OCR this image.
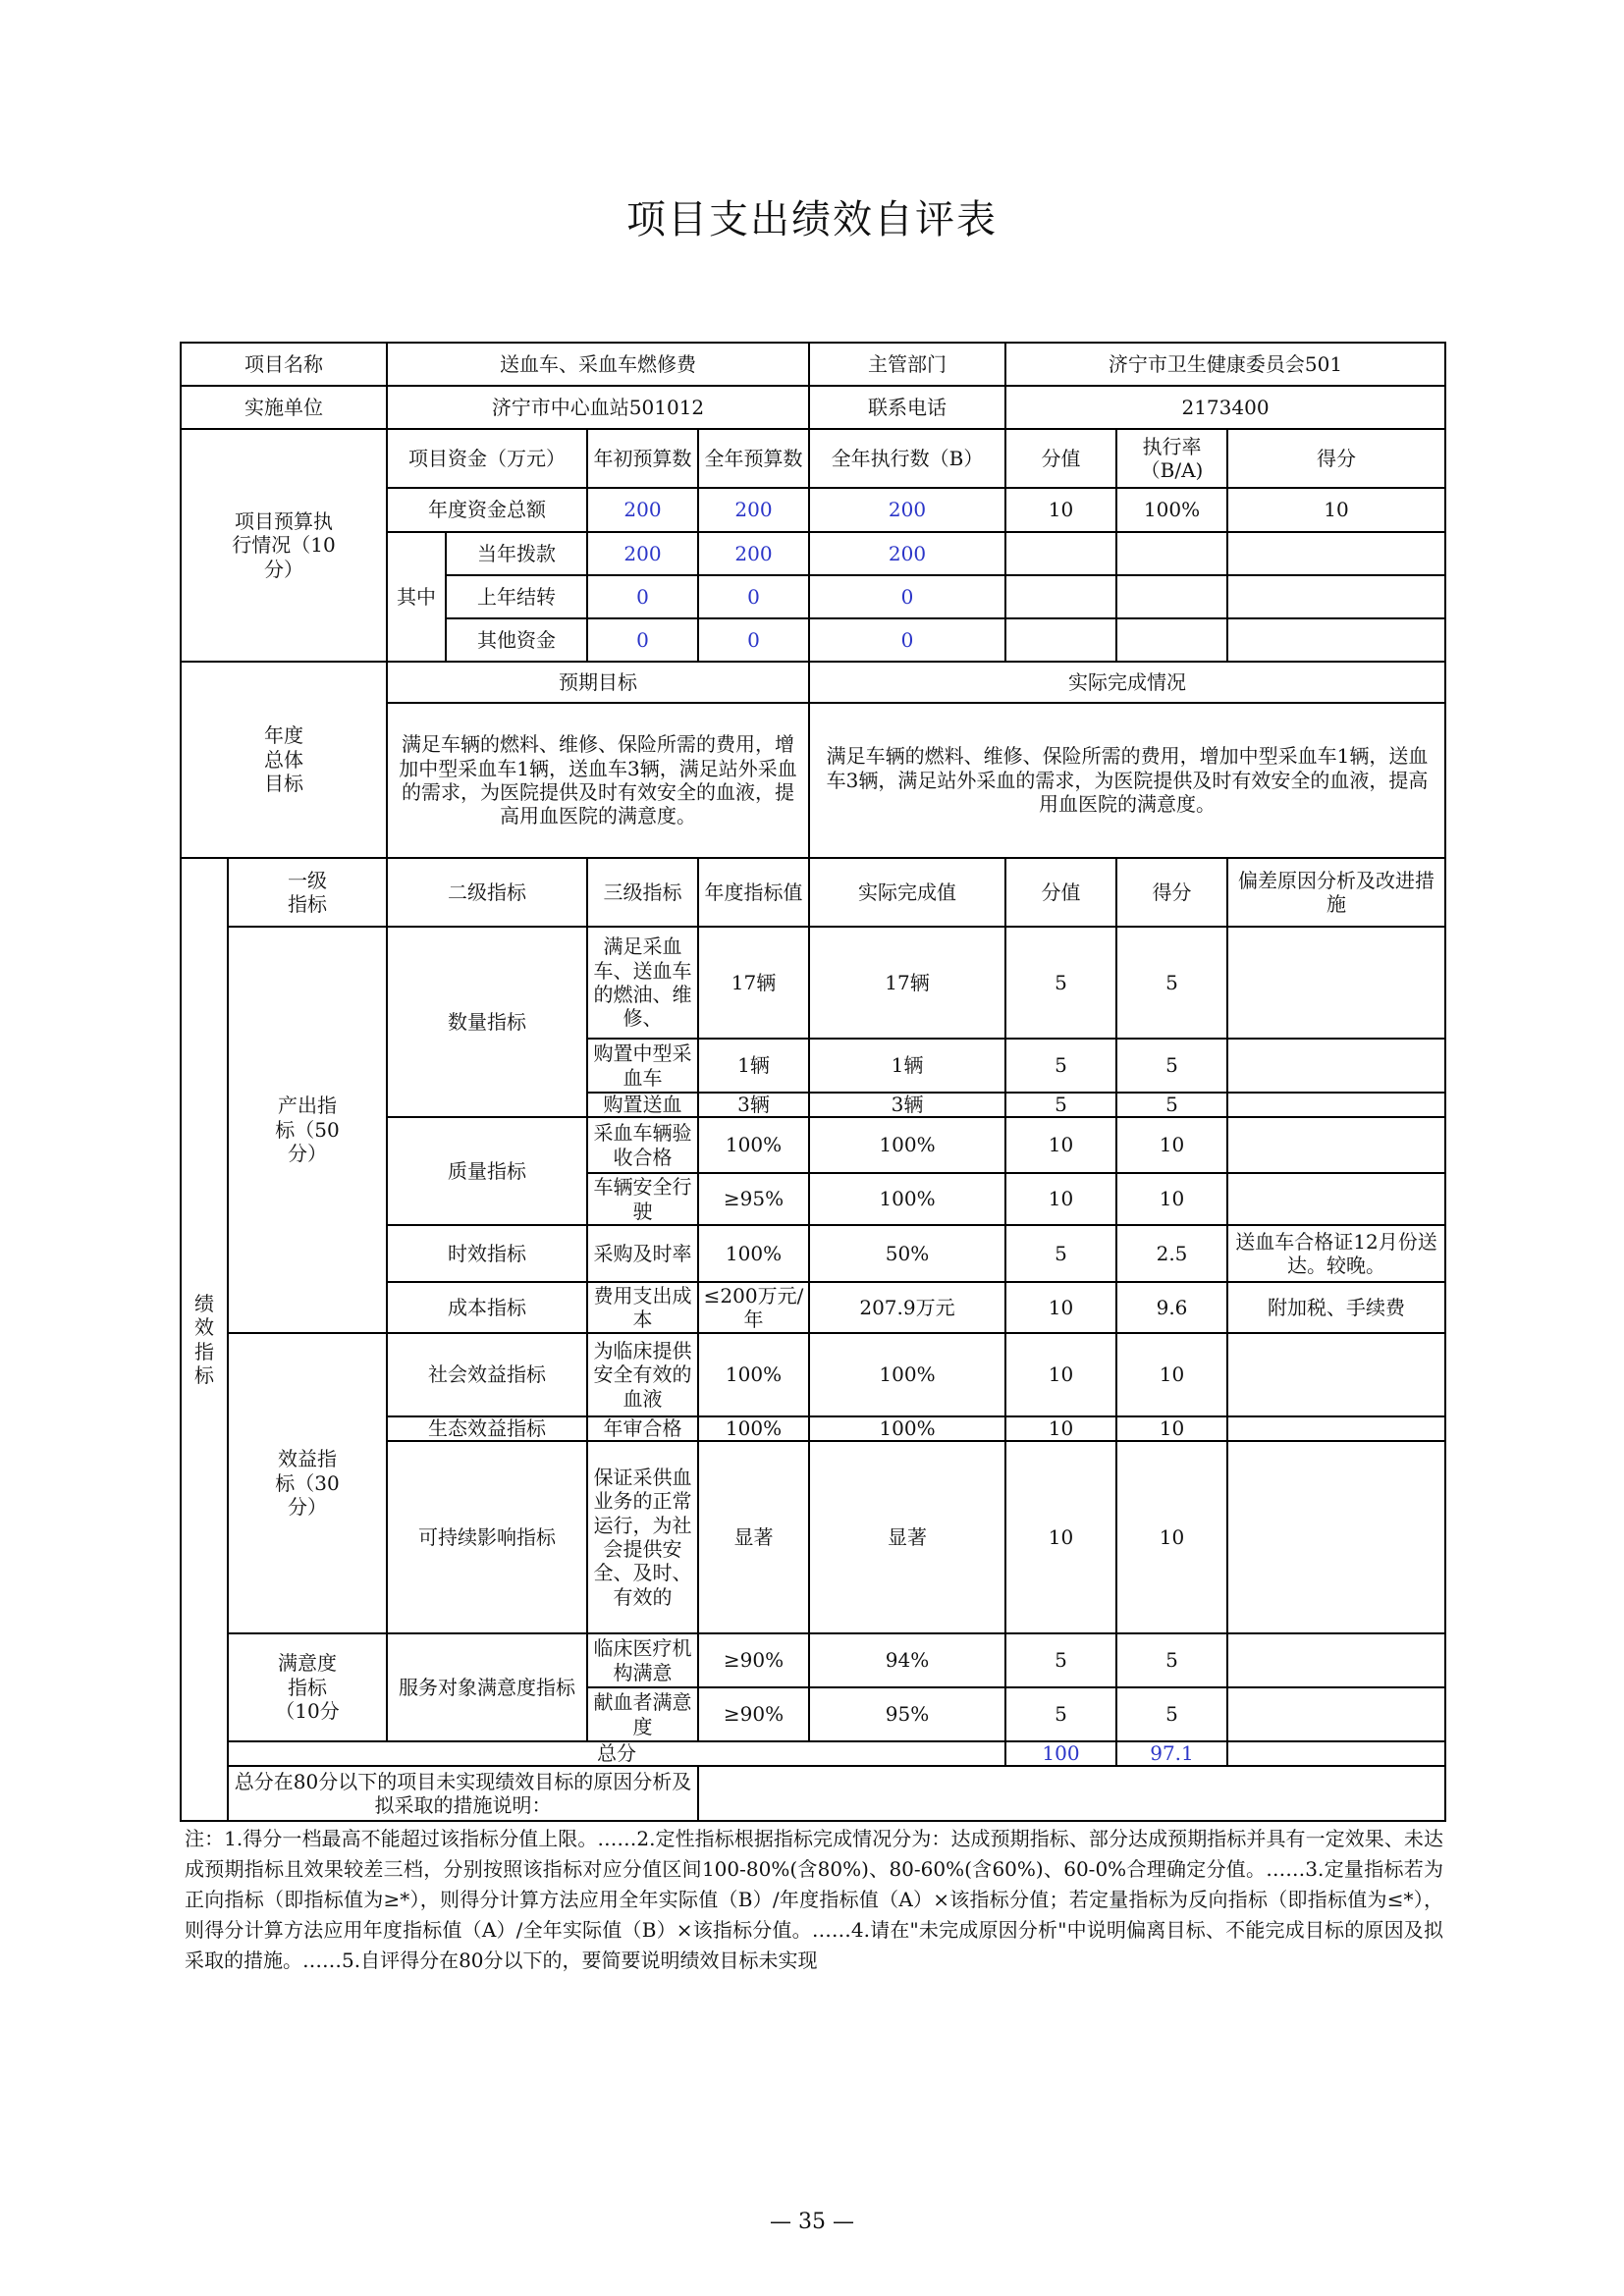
项目支出绩效自评表
项目名称		送血车、采血车燃修费				主管部门	济宁市卫生健康委员会501		
实施单位		济宁市中心血站501012				联系电话	2173400		
项目预算执行情况（10分）		项目资金（万元）		年初预算数	全年预算数	全年执行数（B）	分值	执行率（B/A)	得分
		年度资金总额		200	200	200	10	100%	10
		其中	当年拨款	200	200	200			
			上年结转	0	0	0			
			其他资金	0	0	0			
年度总体目标		预期目标				实际完成情况			
		满足车辆的燃料、维修、保险所需的费用，增加中型采血车1辆，送血车3辆，满足站外采血的需求，为医院提供及时有效安全的血液，提高用血医院的满意度。				满足车辆的燃料、维修、保险所需的费用，增加中型采血车1辆，送血车3辆，满足站外采血的需求，为医院提供及时有效安全的血液，提高用血医院的满意度。			
绩效指标	一级指标	二级指标		三级指标	年度指标值	实际完成值	分值	得分	偏差原因分析及改进措施
	产出指标（50分）	数量指标		满足采血车、送血车的燃油、维修、	17辆	17辆	5	5	
				购置中型采血车	1辆	1辆	5	5	
				购置送血	3辆	3辆	5	5	
		质量指标		采血车辆验收合格	100%	100%	10	10	
				车辆安全行驶	≥95%	100%	10	10	
		时效指标		采购及时率	100%	50%	5	2.5	送血车合格证12月份送达。较晚。
		成本指标		费用支出成本	≤200万元/年	207.9万元	10	9.6	附加税、手续费
	效益指标（30分）	社会效益指标		为临床提供安全有效的血液	100%	100%	10	10	
		生态效益指标		年审合格	100%	100%	10	10	
		可持续影响指标		保证采供血业务的正常运行，为社会提供安全、及时、有效的	显著	显著	10	10	
	满意度指标（10分	服务对象满意度指标		临床医疗机构满意	≥90%	94%	5	5	
				献血者满意度	≥90%	95%	5	5	
	总分						100	97.1	
	总分在80分以下的项目未实现绩效目标的原因分析及拟采取的措施说明：								
注：1.得分一档最高不能超过该指标分值上限。……2.定性指标根据指标完成情况分为：达成预期指标、部分达成预期指标并具有一定效果、未达成预期指标且效果较差三档，分别按照该指标对应分值区间100-80%(含80%)、80-60%(含60%)、60-0%合理确定分值。……3.定量指标若为正向指标（即指标值为≥*），则得分计算方法应用全年实际值（B）/年度指标值（A）×该指标分值；若定量指标为反向指标（即指标值为≤*），则得分计算方法应用年度指标值（A）/全年实际值（B）×该指标分值。……4.请在"未完成原因分析"中说明偏离目标、不能完成目标的原因及拟采取的措施。……5.自评得分在80分以下的，要简要说明绩效目标未实现
— 35 —
